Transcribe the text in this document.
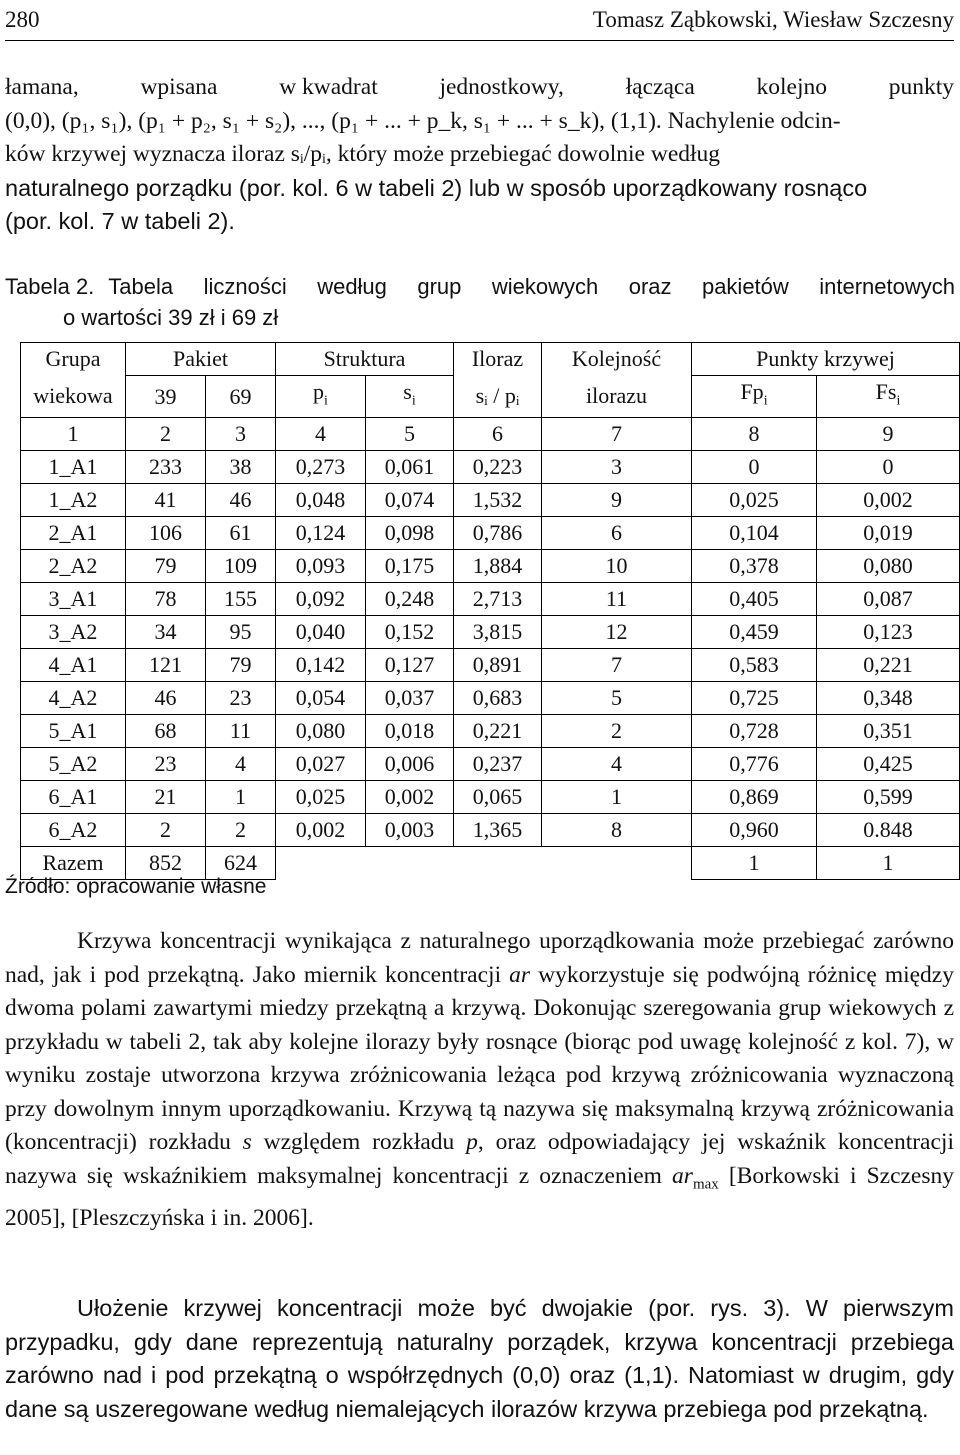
280	Tomasz Ząbkowski, Wiesław Szczesny
łamana,	wpisana	w kwadrat	jednostkowy,	łącząca	kolejno	punkty
(0,0), (p₁, s₁), (p₁ + p₂, s₁ + s₂), ..., (p₁ + ... + p_k, s₁ + ... + s_k), (1,1). Nachylenie odcin-
ków krzywej wyznacza iloraz sᵢ/pᵢ, który może przebiegać dowolnie według
naturalnego porządku (por. kol. 6 w tabeli 2) lub w sposób uporządkowany rosnąco
(por. kol. 7 w tabeli 2).
Tabela 2. Tabela liczności według grup wiekowych oraz pakietów internetowych
o wartości 39 zł i 69 zł
Grupa	Pakiet		Struktura		Iloraz	Kolejność	Punkty krzywej	
wiekowa	39	69	$p_i$	$s_i$	sᵢ / pᵢ	ilorazu	$Fp_i$	$Fs_i$
1	2	3	4	5	6	7	8	9
1_A1	233	38	0,273	0,061	0,223	3	0	0
1_A2	41	46	0,048	0,074	1,532	9	0,025	0,002
2_A1	106	61	0,124	0,098	0,786	6	0,104	0,019
2_A2	79	109	0,093	0,175	1,884	10	0,378	0,080
3_A1	78	155	0,092	0,248	2,713	11	0,405	0,087
3_A2	34	95	0,040	0,152	3,815	12	0,459	0,123
4_A1	121	79	0,142	0,127	0,891	7	0,583	0,221
4_A2	46	23	0,054	0,037	0,683	5	0,725	0,348
5_A1	68	11	0,080	0,018	0,221	2	0,728	0,351
5_A2	23	4	0,027	0,006	0,237	4	0,776	0,425
6_A1	21	1	0,025	0,002	0,065	1	0,869	0,599
6_A2	2	2	0,002	0,003	1,365	8	0,960	0.848
Razem	852	624					1	1
Źródło: opracowanie własne

Krzywa koncentracji wynikająca z naturalnego uporządkowania może przebiegać zarówno nad, jak i pod przekątną. Jako miernik koncentracji ar wykorzystuje się podwójną różnicę między dwoma polami zawartymi miedzy przekątną a krzywą. Dokonując szeregowania grup wiekowych z przykładu w tabeli 2, tak aby kolejne ilorazy były rosnące (biorąc pod uwagę kolejność z kol. 7), w wyniku zostaje utworzona krzywa zróżnicowania leżąca pod krzywą zróżnicowania wyznaczoną przy dowolnym innym uporządkowaniu. Krzywą tą nazywa się maksymalną krzywą zróżnicowania (koncentracji) rozkładu s względem rozkładu p, oraz odpowiadający jej wskaźnik koncentracji nazywa się wskaźnikiem maksymalnej koncentracji z oznaczeniem $ar_{max}$ [Borkowski i Szczesny 2005], [Pleszczyńska i in. 2006].

Ułożenie krzywej koncentracji może być dwojakie (por. rys. 3). W pierwszym przypadku, gdy dane reprezentują naturalny porządek, krzywa koncentracji przebiega zarówno nad i pod przekątną o współrzędnych (0,0) oraz (1,1). Natomiast w drugim, gdy dane są uszeregowane według niemalejących ilorazów krzywa przebiega pod przekątną.
